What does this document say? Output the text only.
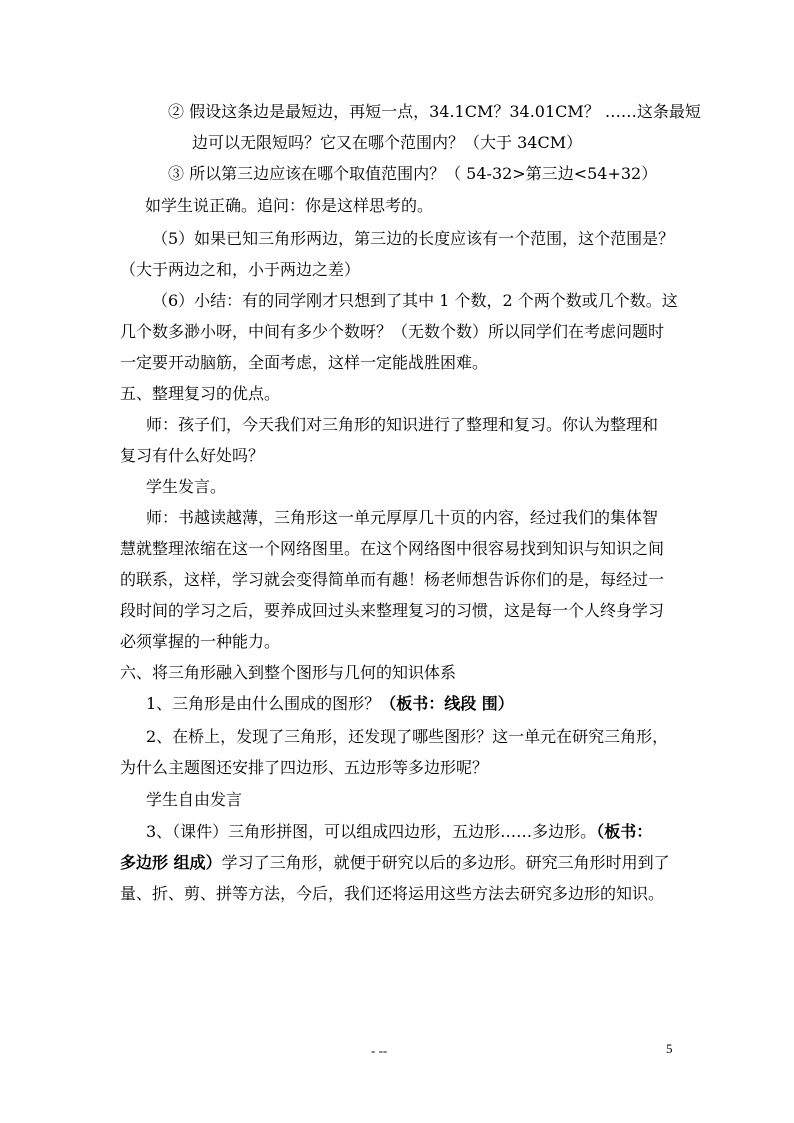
② 假设这条边是最短边，再短一点，34.1CM？34.01CM？ ……这条最短
边可以无限短吗？它又在哪个范围内？（大于 34CM）
③ 所以第三边应该在哪个取值范围内？（ 54-32>第三边<54+32）
如学生说正确。追问：你是这样思考的。
（5）如果已知三角形两边，第三边的长度应该有一个范围，这个范围是？
（大于两边之和，小于两边之差）
（6）小结：有的同学刚才只想到了其中 1 个数，2 个两个数或几个数。这
几个数多渺小呀，中间有多少个数呀？（无数个数）所以同学们在考虑问题时
一定要开动脑筋，全面考虑，这样一定能战胜困难。
五、整理复习的优点。
师：孩子们，今天我们对三角形的知识进行了整理和复习。你认为整理和
复习有什么好处吗？
学生发言。
师：书越读越薄，三角形这一单元厚厚几十页的内容，经过我们的集体智
慧就整理浓缩在这一个网络图里。在这个网络图中很容易找到知识与知识之间
的联系，这样，学习就会变得简单而有趣！杨老师想告诉你们的是，每经过一
段时间的学习之后，要养成回过头来整理复习的习惯，这是每一个人终身学习
必须掌握的一种能力。
六、将三角形融入到整个图形与几何的知识体系
1、三角形是由什么围成的图形？（板书：线段 围）
2、在桥上，发现了三角形，还发现了哪些图形？这一单元在研究三角形，
为什么主题图还安排了四边形、五边形等多边形呢？
学生自由发言
3、（课件）三角形拼图，可以组成四边形，五边形……多边形。（板书：
多边形 组成）学习了三角形，就便于研究以后的多边形。研究三角形时用到了
量、折、剪、拼等方法，今后，我们还将运用这些方法去研究多边形的知识。
- --	5
